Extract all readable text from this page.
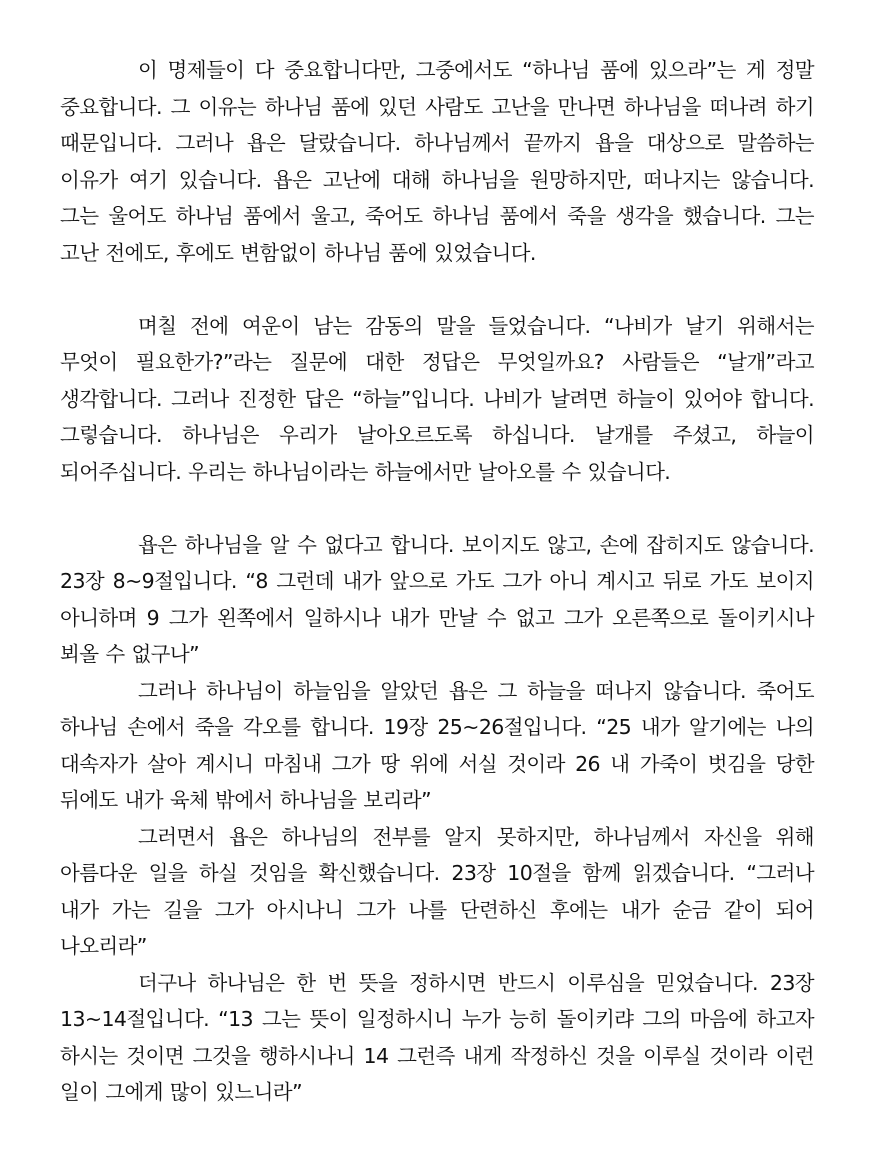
이 명제들이 다 중요합니다만, 그중에서도 “하나님 품에 있으라”는 게 정말 중요합니다. 그 이유는 하나님 품에 있던 사람도 고난을 만나면 하나님을 떠나려 하기 때문입니다. 그러나 욥은 달랐습니다. 하나님께서 끝까지 욥을 대상으로 말씀하는 이유가 여기 있습니다. 욥은 고난에 대해 하나님을 원망하지만, 떠나지는 않습니다. 그는 울어도 하나님 품에서 울고, 죽어도 하나님 품에서 죽을 생각을 했습니다. 그는 고난 전에도, 후에도 변함없이 하나님 품에 있었습니다.

며칠 전에 여운이 남는 감동의 말을 들었습니다. “나비가 날기 위해서는 무엇이 필요한가?”라는 질문에 대한 정답은 무엇일까요? 사람들은 “날개”라고 생각합니다. 그러나 진정한 답은 “하늘”입니다. 나비가 날려면 하늘이 있어야 합니다. 그렇습니다. 하나님은 우리가 날아오르도록 하십니다. 날개를 주셨고, 하늘이 되어주십니다. 우리는 하나님이라는 하늘에서만 날아오를 수 있습니다.

욥은 하나님을 알 수 없다고 합니다. 보이지도 않고, 손에 잡히지도 않습니다. 23장 8~9절입니다. “8 그런데 내가 앞으로 가도 그가 아니 계시고 뒤로 가도 보이지 아니하며 9 그가 왼쪽에서 일하시나 내가 만날 수 없고 그가 오른쪽으로 돌이키시나 뵈올 수 없구나”

그러나 하나님이 하늘임을 알았던 욥은 그 하늘을 떠나지 않습니다. 죽어도 하나님 손에서 죽을 각오를 합니다. 19장 25~26절입니다. “25 내가 알기에는 나의 대속자가 살아 계시니 마침내 그가 땅 위에 서실 것이라 26 내 가죽이 벗김을 당한 뒤에도 내가 육체 밖에서 하나님을 보리라”

그러면서 욥은 하나님의 전부를 알지 못하지만, 하나님께서 자신을 위해 아름다운 일을 하실 것임을 확신했습니다. 23장 10절을 함께 읽겠습니다. “그러나 내가 가는 길을 그가 아시나니 그가 나를 단련하신 후에는 내가 순금 같이 되어 나오리라”

더구나 하나님은 한 번 뜻을 정하시면 반드시 이루심을 믿었습니다. 23장 13~14절입니다. “13 그는 뜻이 일정하시니 누가 능히 돌이키랴 그의 마음에 하고자 하시는 것이면 그것을 행하시나니 14 그런즉 내게 작정하신 것을 이루실 것이라 이런 일이 그에게 많이 있느니라”
